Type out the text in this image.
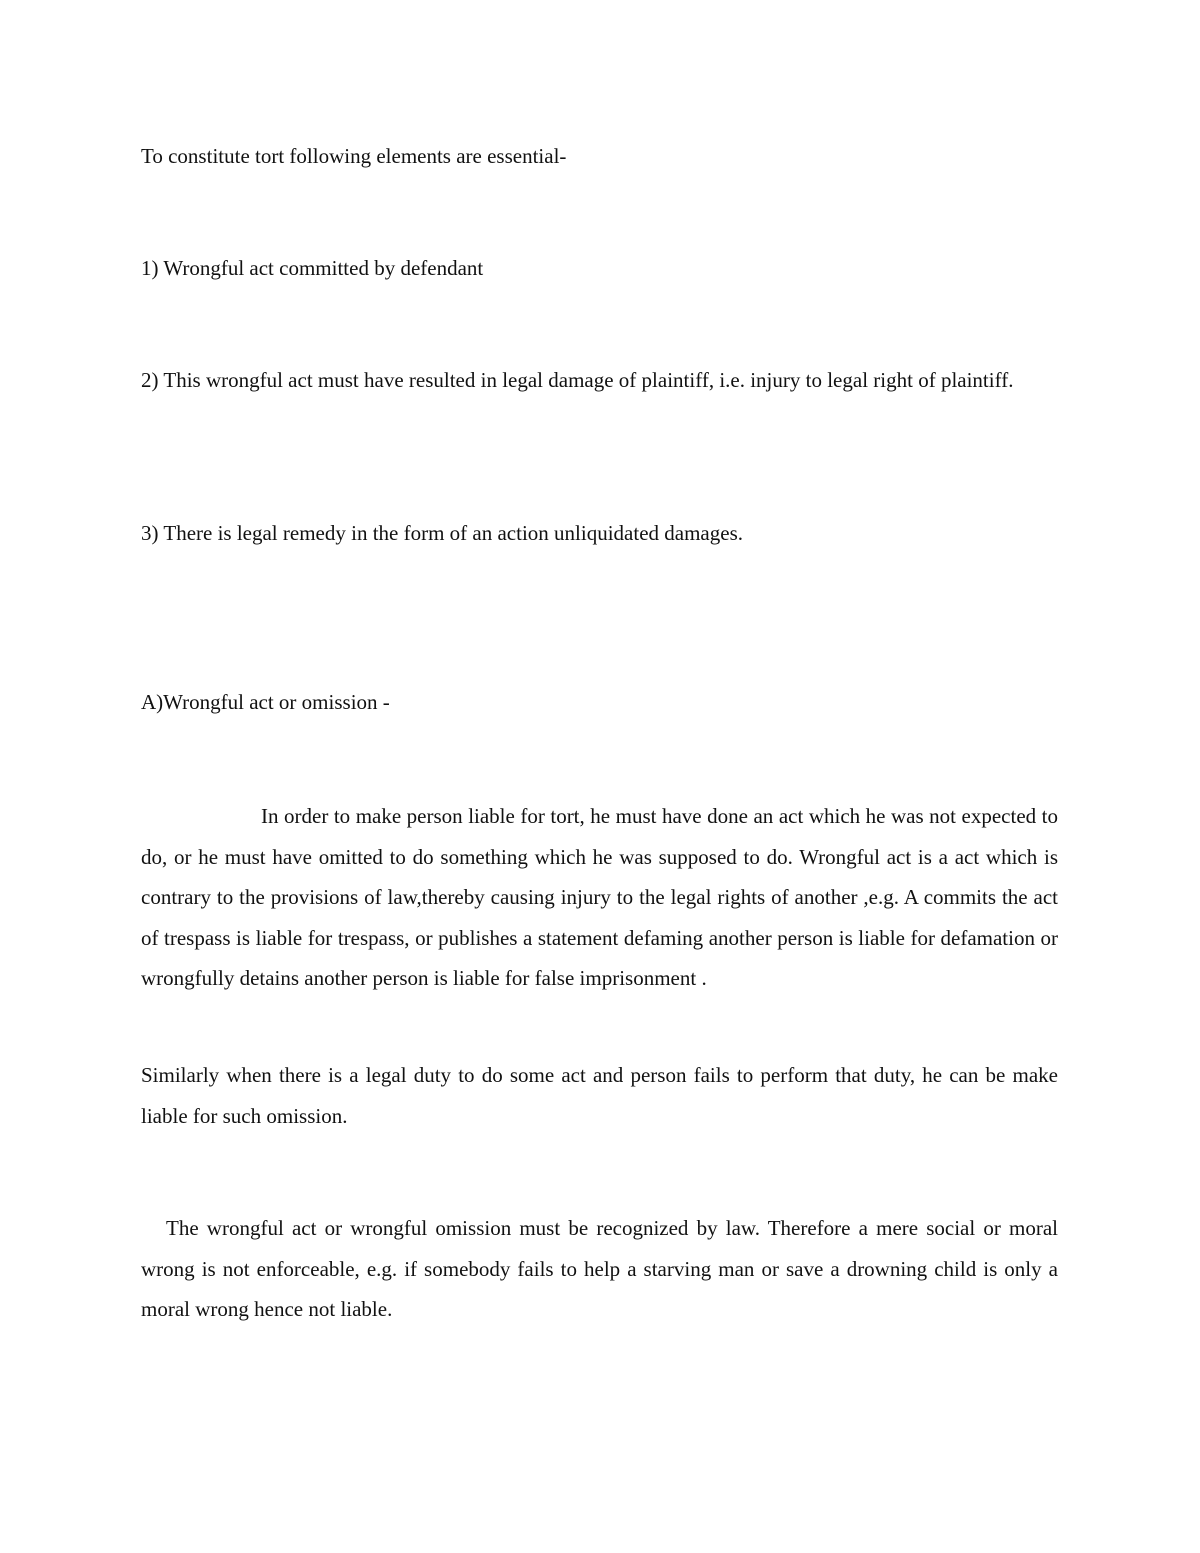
To constitute tort following elements are essential-
1) Wrongful act committed by defendant

2) This wrongful act must have resulted in legal damage of plaintiff, i.e. injury to legal right of plaintiff.

3) There is legal remedy in the form of an action unliquidated damages.
A)Wrongful act or omission -

In order to make person liable for tort, he must have done an act which he was not expected to do, or he must have omitted to do something which he was supposed to do. Wrongful act is a act which is contrary to the provisions of law,thereby causing injury to the legal rights of another ,e.g. A commits the act of trespass is liable for trespass, or publishes a statement defaming another person is liable for defamation or wrongfully detains another person is liable for false imprisonment .

Similarly when there is a legal duty to do some act and person fails to perform that duty, he can be make liable for such omission.

The wrongful act or wrongful omission must be recognized by law. Therefore a mere social or moral wrong is not enforceable, e.g. if somebody fails to help a starving man or save a drowning child is only a moral wrong hence not liable.
